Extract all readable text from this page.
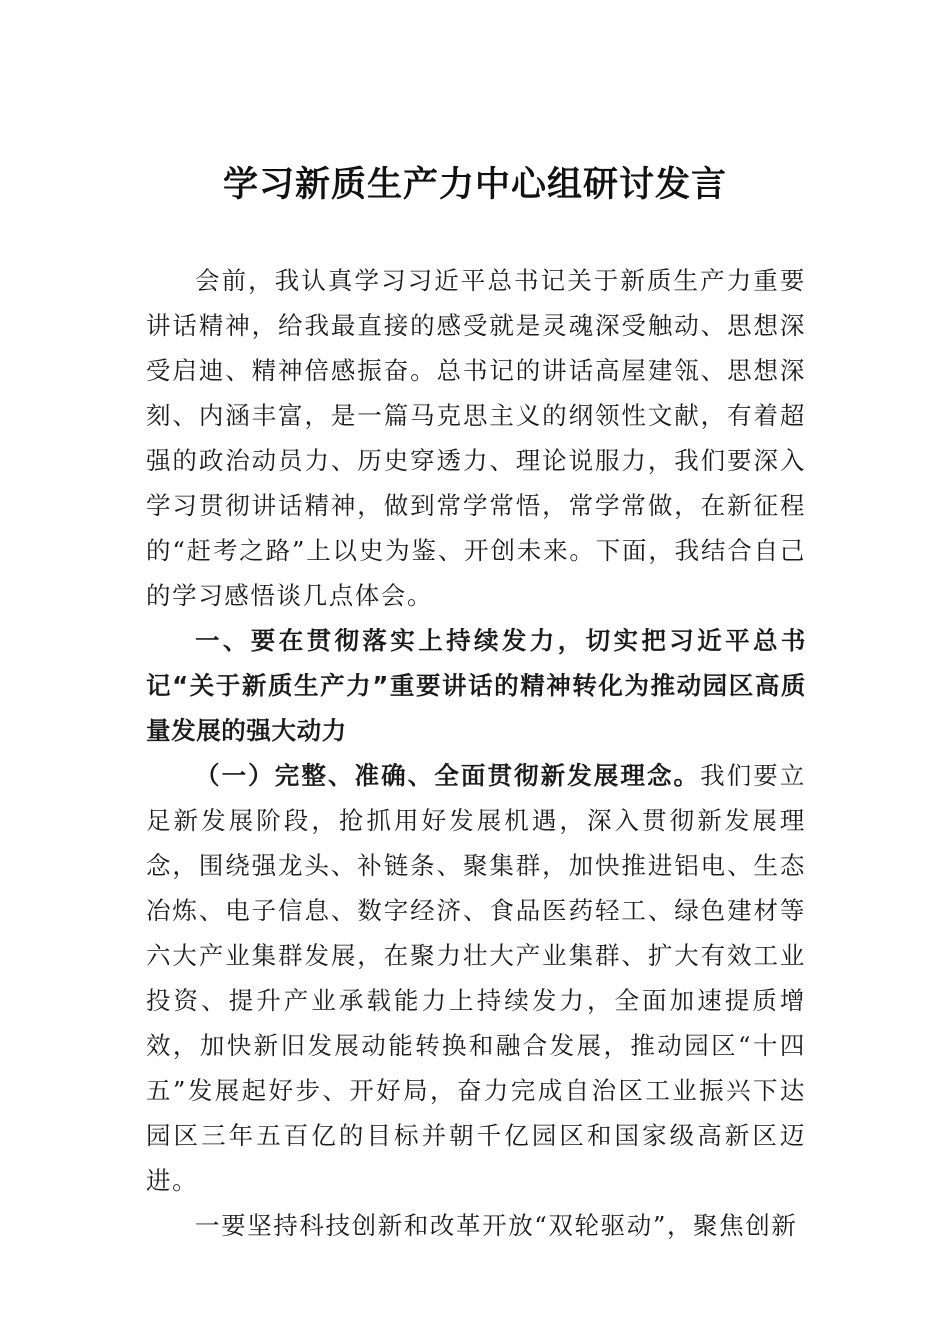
学习新质生产力中心组研讨发言

会前，我认真学习习近平总书记关于新质生产力重要讲话精神，给我最直接的感受就是灵魂深受触动、思想深受启迪、精神倍感振奋。总书记的讲话高屋建瓴、思想深刻、内涵丰富，是一篇马克思主义的纲领性文献，有着超强的政治动员力、历史穿透力、理论说服力，我们要深入学习贯彻讲话精神，做到常学常悟，常学常做，在新征程的“赶考之路”上以史为鉴、开创未来。下面，我结合自己的学习感悟谈几点体会。

一、要在贯彻落实上持续发力，切实把习近平总书记“关于新质生产力”重要讲话的精神转化为推动园区高质量发展的强大动力

（一）完整、准确、全面贯彻新发展理念。我们要立足新发展阶段，抢抓用好发展机遇，深入贯彻新发展理念，围绕强龙头、补链条、聚集群，加快推进铝电、生态冶炼、电子信息、数字经济、食品医药轻工、绿色建材等六大产业集群发展，在聚力壮大产业集群、扩大有效工业投资、提升产业承载能力上持续发力，全面加速提质增效，加快新旧发展动能转换和融合发展，推动园区“十四五”发展起好步、开好局，奋力完成自治区工业振兴下达园区三年五百亿的目标并朝千亿园区和国家级高新区迈进。

一要坚持科技创新和改革开放“双轮驱动”，聚焦创新
